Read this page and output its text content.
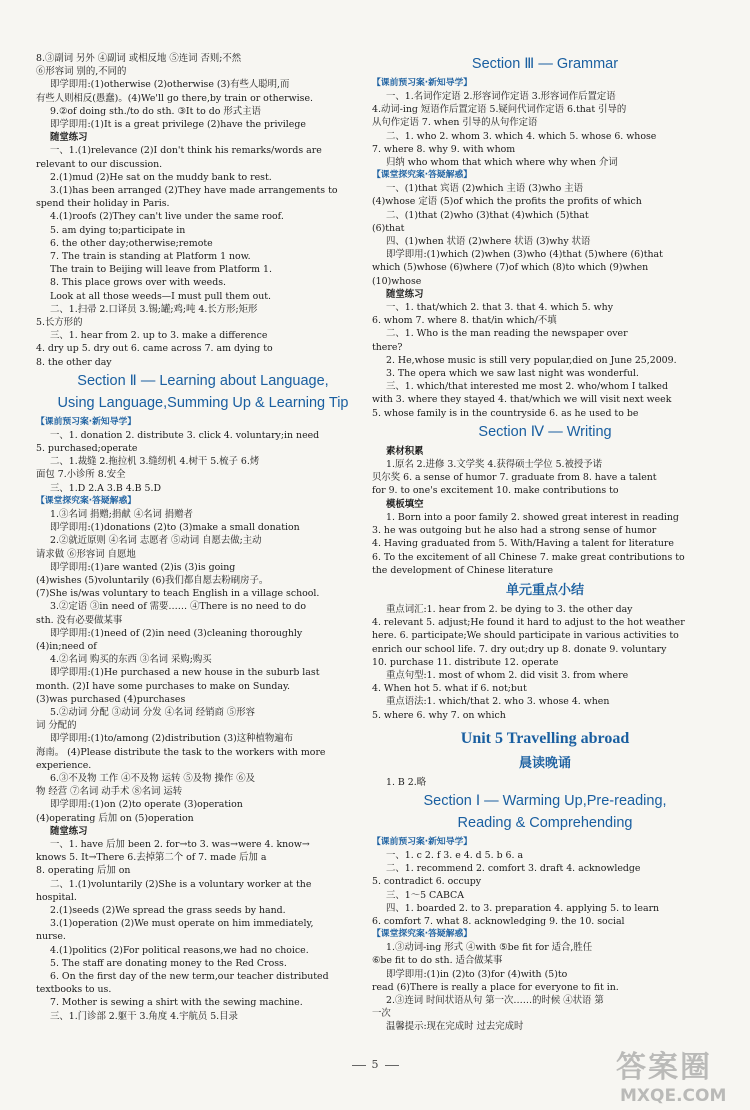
8.③副词 另外 ④副词 或相反地 ⑤连词 否则;不然
⑥形容词 别的,不同的
即学即用:(1)otherwise (2)otherwise (3)有些人聪明,而
有些人则相反(愚蠢)。(4)We'll go there,by train or otherwise.
9.②of doing sth./to do sth. ③It to do 形式主语
即学即用:(1)It is a great privilege (2)have the privilege
随堂练习
一、1.(1)relevance (2)I don't think his remarks/words are
relevant to our discussion.
2.(1)mud (2)He sat on the muddy bank to rest.
3.(1)has been arranged (2)They have made arrangements to
spend their holiday in Paris.
4.(1)roofs (2)They can't live under the same roof.
5. am dying to;participate in
6. the other day;otherwise;remote
7. The train is standing at Platform 1 now.
The train to Beijing will leave from Platform 1.
8. This place grows over with weeds.
Look at all those weeds—I must pull them out.
二、1.扫帚 2.口译员 3.锡;罐;鸡;吨 4.长方形;矩形
5.长方形的
三、1. hear from 2. up to 3. make a difference
4. dry up 5. dry out 6. came across 7. am dying to
8. the other day
Section Ⅱ — Learning about Language,
Using Language,Summing Up & Learning Tip
【课前预习案·新知导学】
一、1. donation 2. distribute 3. click 4. voluntary;in need
5. purchased;operate
二、1.裁缝 2.拖拉机 3.缝纫机 4.树干 5.梳子 6.烤
面包 7.小诊所 8.安全
三、1.D 2.A 3.B 4.B 5.D
【课堂探究案·答疑解惑】
1.③名词 捐赠;捐献 ④名词 捐赠者
即学即用:(1)donations (2)to (3)make a small donation
2.②就近原则 ④名词 志愿者 ⑤动词 自愿去做;主动
请求做 ⑥形容词 自愿地
即学即用:(1)are wanted (2)is (3)is going
(4)wishes (5)voluntarily (6)我们都自愿去粉刷房子。
(7)She is/was voluntary to teach English in a village school.
3.②定语 ③in need of 需要…… ④There is no need to do
sth. 没有必要做某事
即学即用:(1)need of (2)in need (3)cleaning thoroughly
(4)in;need of
4.②名词 购买的东西 ③名词 采购;购买
即学即用:(1)He purchased a new house in the suburb last
month. (2)I have some purchases to make on Sunday.
(3)was purchased (4)purchases
5.②动词 分配 ③动词 分发 ④名词 经销商 ⑤形容
词 分配的
即学即用:(1)to/among (2)distribution (3)这种植物遍布
海南。 (4)Please distribute the task to the workers with more
experience.
6.③不及物 工作 ④不及物 运转 ⑤及物 操作 ⑥及
物 经营 ⑦名词 动手术 ⑧名词 运转
即学即用:(1)on (2)to operate (3)operation
(4)operating 后加 on (5)operation
随堂练习
一、1. have 后加 been 2. for→to 3. was→were 4. know→
knows 5. It→There 6.去掉第二个 of 7. made 后加 a
8. operating 后加 on
二、1.(1)voluntarily (2)She is a voluntary worker at the
hospital.
2.(1)seeds (2)We spread the grass seeds by hand.
3.(1)operation (2)We must operate on him immediately,
nurse.
4.(1)politics (2)For political reasons,we had no choice.
5. The staff are donating money to the Red Cross.
6. On the first day of the new term,our teacher distributed
textbooks to us.
7. Mother is sewing a shirt with the sewing machine.
三、1.门诊部 2.躯干 3.角度 4.宇航员 5.目录
Section Ⅲ — Grammar
【课前预习案·新知导学】
一、1.名词作定语 2.形容词作定语 3.形容词作后置定语
4.动词-ing 短语作后置定语 5.疑问代词作定语 6.that 引导的
从句作定语 7. when 引导的从句作定语
二、1. who 2. whom 3. which 4. which 5. whose 6. whose
7. where 8. why 9. with whom
归纳 who whom that which where why when 介词
【课堂探究案·答疑解惑】
一、(1)that 宾语 (2)which 主语 (3)who 主语
(4)whose 定语 (5)of which the profits the profits of which
二、(1)that (2)who (3)that (4)which (5)that
(6)that
四、(1)when 状语 (2)where 状语 (3)why 状语
即学即用:(1)which (2)when (3)who (4)that (5)where (6)that
which (5)whose (6)where (7)of which (8)to which (9)when
(10)whose
随堂练习
一、1. that/which 2. that 3. that 4. which 5. why
6. whom 7. where 8. that/in which/不填
二、1. Who is the man reading the newspaper over
there?
2. He,whose music is still very popular,died on June 25,2009.
3. The opera which we saw last night was wonderful.
三、1. which/that interested me most 2. who/whom I talked
with 3. where they stayed 4. that/which we will visit next week
5. whose family is in the countryside 6. as he used to be
Section Ⅳ — Writing
素材积累
1.原名 2.进修 3.文学奖 4.获得硕士学位 5.被授予诺
贝尔奖 6. a sense of humor 7. graduate from 8. have a talent
for 9. to one's excitement 10. make contributions to
模板填空
1. Born into a poor family 2. showed great interest in reading
3. he was outgoing but he also had a strong sense of humor
4. Having graduated from 5. With/Having a talent for literature
6. To the excitement of all Chinese 7. make great contributions to
the development of Chinese literature
单元重点小结
重点词汇:1. hear from 2. be dying to 3. the other day
4. relevant 5. adjust;He found it hard to adjust to the hot weather
here. 6. participate;We should participate in various activities to
enrich our school life. 7. dry out;dry up 8. donate 9. voluntary
10. purchase 11. distribute 12. operate
重点句型:1. most of whom 2. did visit 3. from where
4. When hot 5. what if 6. not;but
重点语法:1. which/that 2. who 3. whose 4. when
5. where 6. why 7. on which
Unit 5 Travelling abroad
晨读晚诵
1. B 2.略
Section Ⅰ — Warming Up,Pre-reading,
Reading & Comprehending
【课前预习案·新知导学】
一、1. c 2. f 3. e 4. d 5. b 6. a
二、1. recommend 2. comfort 3. draft 4. acknowledge
5. contradict 6. occupy
三、1～5 CABCA
四、1. boarded 2. to 3. preparation 4. applying 5. to learn
6. comfort 7. what 8. acknowledging 9. the 10. social
【课堂探究案·答疑解惑】
1.③动词-ing 形式 ④with ⑤be fit for 适合,胜任
⑥be fit to do sth. 适合做某事
即学即用:(1)in (2)to (3)for (4)with (5)to
read (6)There is really a place for everyone to fit in.
2.③连词 时间状语从句 第一次……的时候 ④状语 第
一次
温馨提示:现在完成时 过去完成时
5	答案圈
MXQE.COM
